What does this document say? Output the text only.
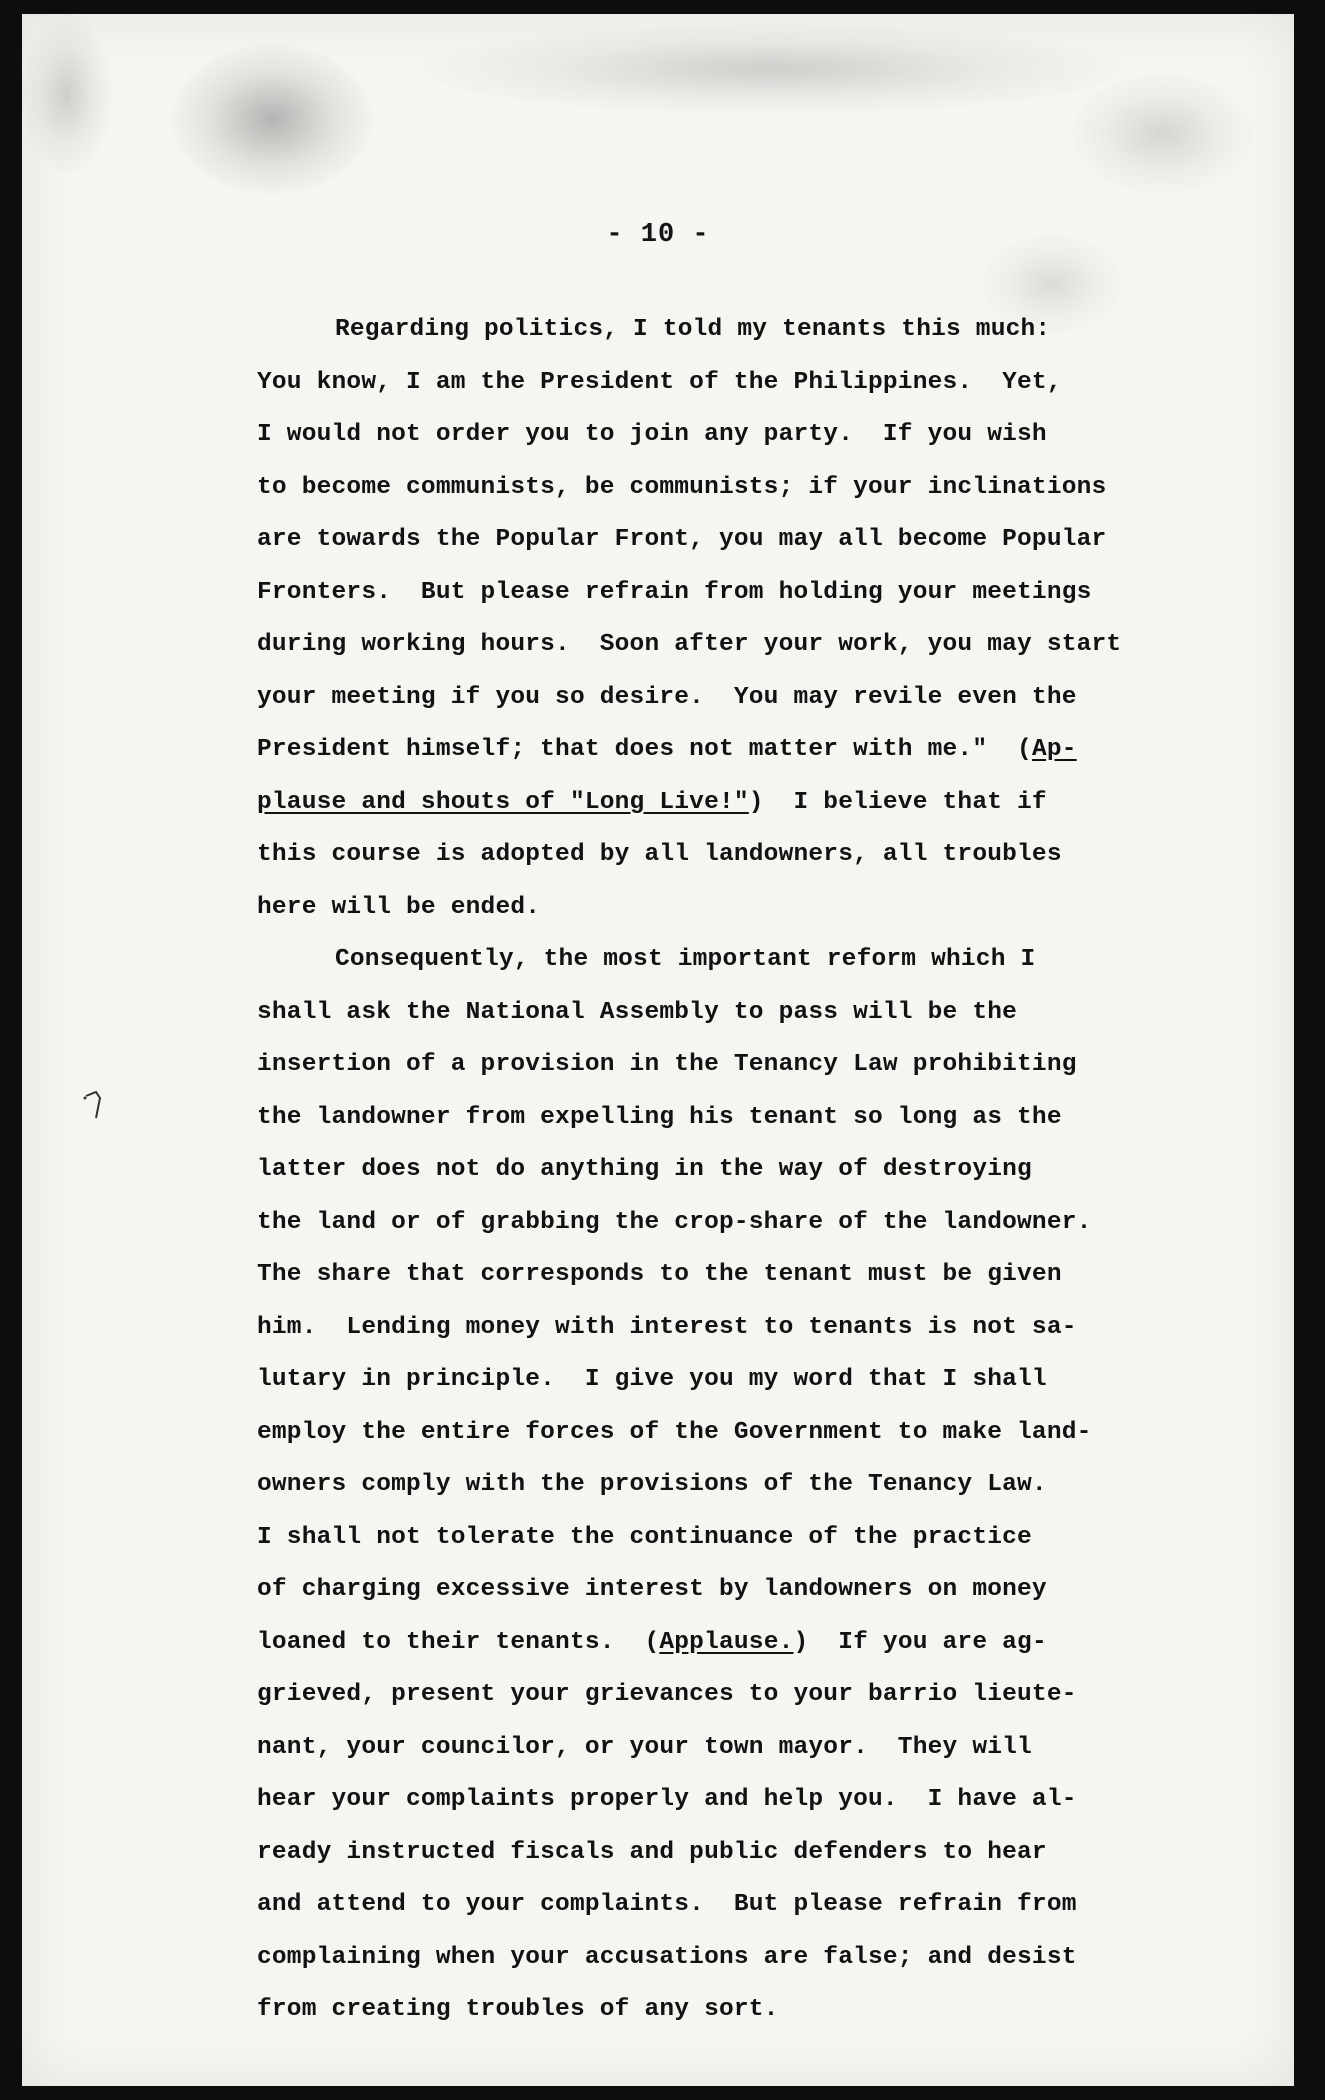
- 10 -
Regarding politics, I told my tenants this much:
You know, I am the President of the Philippines.  Yet,
I would not order you to join any party.  If you wish
to become communists, be communists; if your inclinations
are towards the Popular Front, you may all become Popular
Fronters.  But please refrain from holding your meetings
during working hours.  Soon after your work, you may start
your meeting if you so desire.  You may revile even the
President himself; that does not matter with me."  (Ap-
plause and shouts of "Long Live!")  I believe that if
this course is adopted by all landowners, all troubles
here will be ended.
Consequently, the most important reform which I
shall ask the National Assembly to pass will be the
insertion of a provision in the Tenancy Law prohibiting
the landowner from expelling his tenant so long as the
latter does not do anything in the way of destroying
the land or of grabbing the crop-share of the landowner.
The share that corresponds to the tenant must be given
him.  Lending money with interest to tenants is not sa-
lutary in principle.  I give you my word that I shall
employ the entire forces of the Government to make land-
owners comply with the provisions of the Tenancy Law.
I shall not tolerate the continuance of the practice
of charging excessive interest by landowners on money
loaned to their tenants.  (Applause.)  If you are ag-
grieved, present your grievances to your barrio lieute-
nant, your councilor, or your town mayor.  They will
hear your complaints properly and help you.  I have al-
ready instructed fiscals and public defenders to hear
and attend to your complaints.  But please refrain from
complaining when your accusations are false; and desist
from creating troubles of any sort.
